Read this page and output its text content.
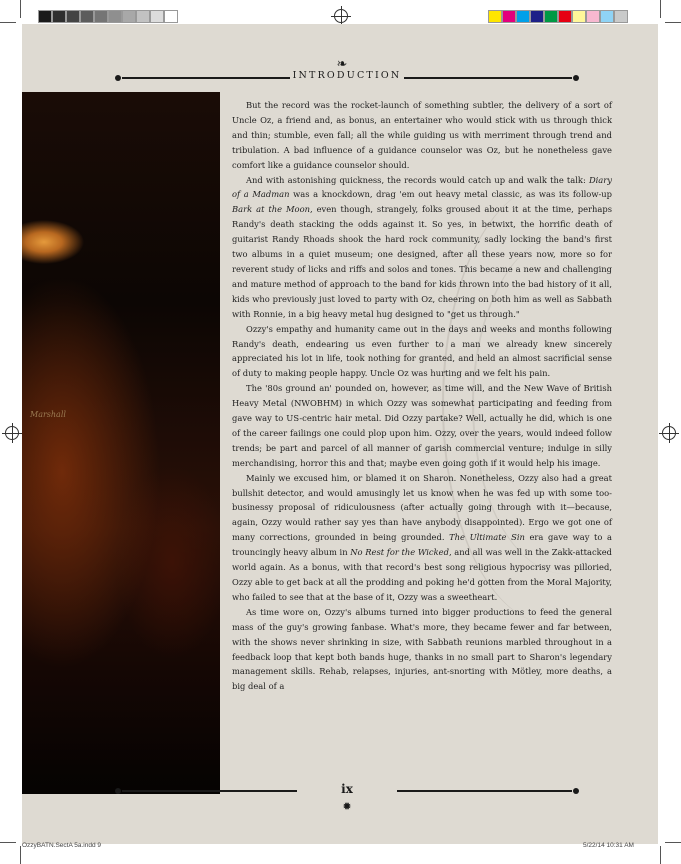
Marshall
❧
INTRODUCTION

But the record was the rocket-launch of something subtler, the delivery of a sort of Uncle Oz, a friend and, as bonus, an entertainer who would stick with us through thick and thin; stumble, even fall; all the while guiding us with merriment through trend and tribulation. A bad influence of a guidance counselor was Oz, but he nonetheless gave comfort like a guidance counselor should.

And with astonishing quickness, the records would catch up and walk the talk: Diary of a Madman was a knockdown, drag 'em out heavy metal classic, as was its follow-up Bark at the Moon, even though, strangely, folks groused about it at the time, perhaps Randy's death stacking the odds against it. So yes, in betwixt, the horrific death of guitarist Randy Rhoads shook the hard rock community, sadly locking the band's first two albums in a quiet museum; one designed, after all these years now, more so for reverent study of licks and riffs and solos and tones. This became a new and challenging and mature method of approach to the band for kids thrown into the bad history of it all, kids who previously just loved to party with Oz, cheering on both him as well as Sabbath with Ronnie, in a big heavy metal hug designed to "get us through."

Ozzy's empathy and humanity came out in the days and weeks and months following Randy's death, endearing us even further to a man we already knew sincerely appreciated his lot in life, took nothing for granted, and held an almost sacrificial sense of duty to making people happy. Uncle Oz was hurting and we felt his pain.

The '80s ground an' pounded on, however, as time will, and the New Wave of British Heavy Metal (NWOBHM) in which Ozzy was somewhat participating and feeding from gave way to US-centric hair metal. Did Ozzy partake? Well, actually he did, which is one of the career failings one could plop upon him. Ozzy, over the years, would indeed follow trends; be part and parcel of all manner of garish commercial venture; indulge in silly merchandising, horror this and that; maybe even going goth if it would help his image.

Mainly we excused him, or blamed it on Sharon. Nonetheless, Ozzy also had a great bullshit detector, and would amusingly let us know when he was fed up with some too-businessy proposal of ridiculousness (after actually going through with it—because, again, Ozzy would rather say yes than have anybody disappointed). Ergo we got one of many corrections, grounded in being grounded. The Ultimate Sin era gave way to a trouncingly heavy album in No Rest for the Wicked, and all was well in the Zakk-attacked world again. As a bonus, with that record's best song religious hypocrisy was pilloried, Ozzy able to get back at all the prodding and poking he'd gotten from the Moral Majority, who failed to see that at the base of it, Ozzy was a sweetheart.

As time wore on, Ozzy's albums turned into bigger productions to feed the general mass of the guy's growing fanbase. What's more, they became fewer and far between, with the shows never shrinking in size, with Sabbath reunions marbled throughout in a feedback loop that kept both bands huge, thanks in no small part to Sharon's legendary management skills. Rehab, relapses, injuries, ant-snorting with Mötley, more deaths, a big deal of a

ix
✹
OzzyBATN.SectA 5a.indd 9	5/22/14 10:31 AM
